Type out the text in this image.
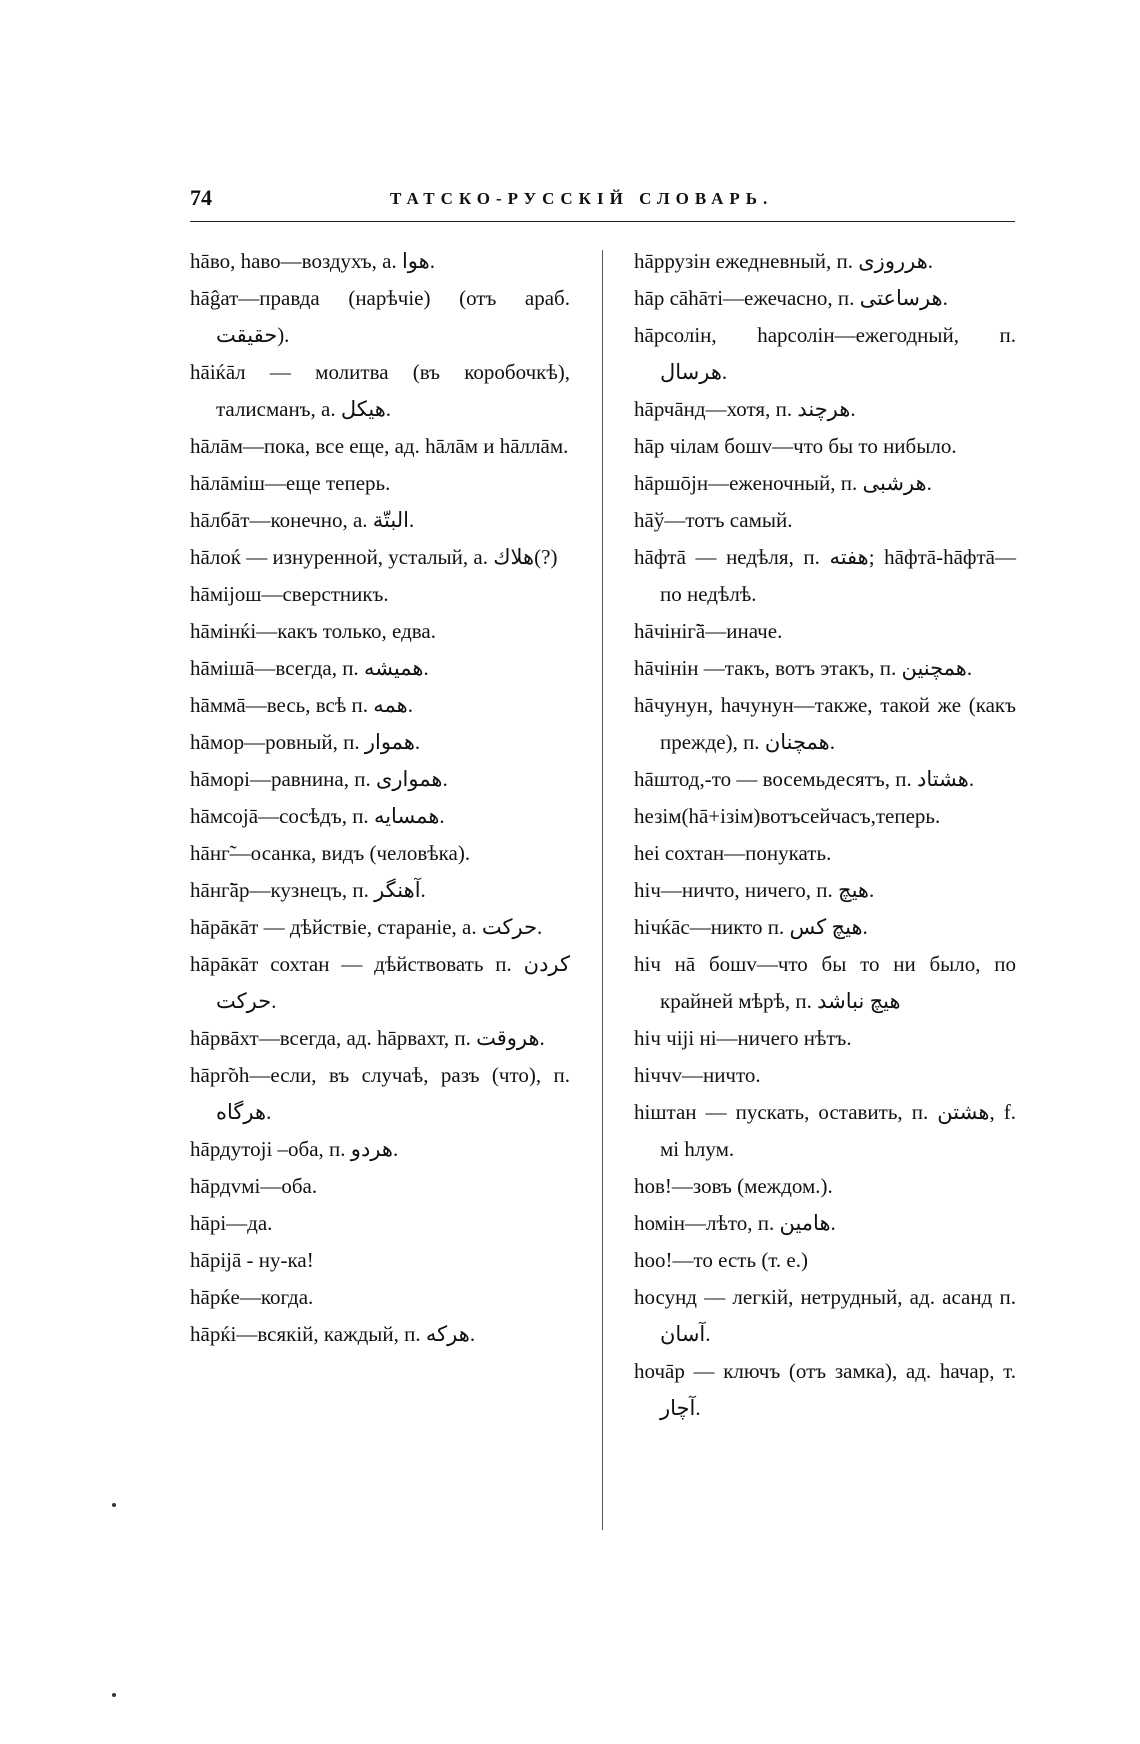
74	ТАТСКО-РУССКІЙ СЛОВАРЬ.

hāво, hаво—воздухъ, а. هوا.

hāĝат—правда (нарѣчіе) (отъ араб. حقيقت).

hāiќāл — молитва (въ коробочкѣ), талисманъ, а. هيكل.

hāлāм—пока, все еще, ад. hāлāм и hāллāм.

hāлāміш—еще теперь.

hāлбāт—конечно, а. البتّة.

hāлоќ — изнуренной, усталый, а. هلاك(?)

hāмiјош—сверстникъ.

hāмінќі—какъ только, едва.

hāмішā—всегда, п. هميشه.

hāммā—весь, всѣ п. همه.

hāмор—ровный, п. هموار.

hāморі—равнина, п. همواری.

hāмсојā—сосѣдъ, п. همسايه.

hāнг̃—осанка, видъ (человѣка).

hāнг̃āр—кузнецъ, п. آهنگر.

hāрāкāт — дѣйствіе, стараніе, а. حركت.

hāрāкāт сохтан — дѣйствовать п. كردن حركت.

hāрвāхт—всегда, ад. hāрвахт, п. هروقت.

hāрг̃оh—если, въ случаѣ, разъ (что), п. هرگاه.

hāрдутоjі –оба, п. هردو.

hāрдvмі—оба.

hāрі—да.

hāріjā - ну-ка!

hāрќе—когда.

hāрќі—всякій, каждый, п. هركه.

hāррузін ежедневный, п. هرروزی.

hāр сāhāті—ежечасно, п. هرساعتی.

hāрсолін, hарсолін—ежегодный, п. هرسال.

hāрчāнд—хотя, п. هرچند.

hāр чілам бошv—что бы то нибыло.

hāршōjн—еженочный, п. هرشبی.

hāў—тотъ самый.

hāфтā — недѣля, п. هفته; hāфтā-hāфтā—по недѣлѣ.

hāчінiг̃ā—иначе.

hāчінін —такъ, вотъ этакъ, п. همچنين.

hāчунун, hачунун—также, такой же (какъ прежде), п. همچنان.

hāштод,-то — восемьдесятъ, п. هشتاد.

hезім(hā+ізім)вотъсейчасъ,теперь.

hеі сохтан—понукать.

hіч—ничто, ничего, п. هيچ.

hічќāс—никто п. هيچ كس.

hіч нā бошv—что бы то ни было, по крайней мѣрѣ, п. هيچ نباشد

hіч чіjі ні—ничего нѣтъ.

hіччv—ничто.

hіштан — пускать, оставить, п. هشتن, f. мі hлум.

hов!—зовъ (междом.).

hомін—лѣто, п. هامين.

hоо!—то есть (т. е.)

hосунд — легкій, нетрудный, ад. асанд п. آسان.

hочāр — ключъ (отъ замка), ад. hачар, т. آچار.
